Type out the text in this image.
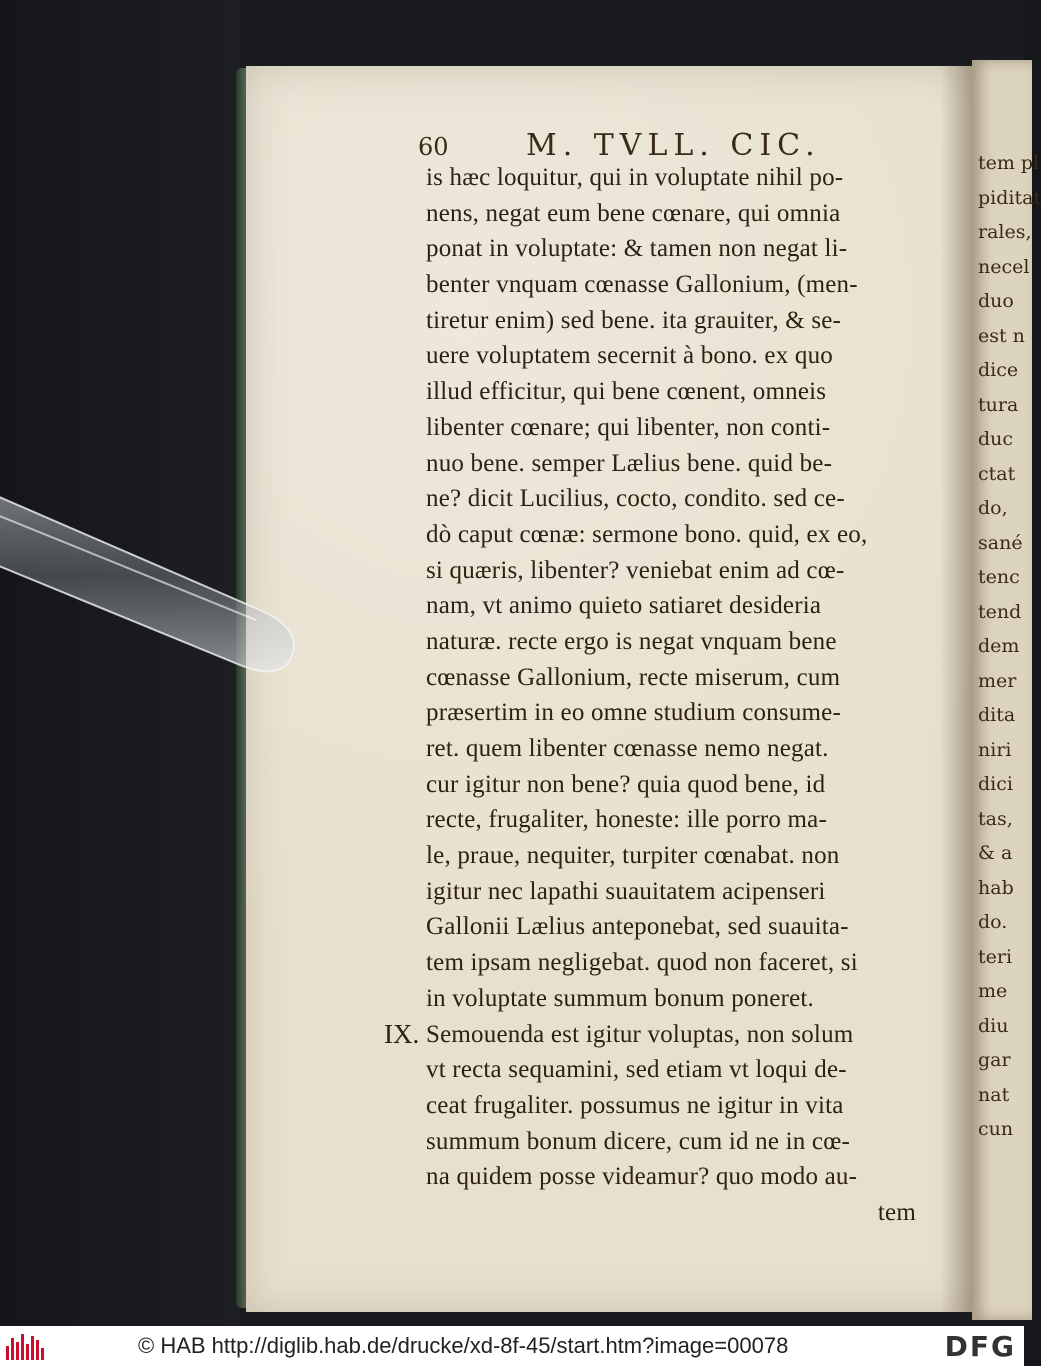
tem pl
piditat
rales,
necel
duo
est n
dice
tura
duc
ctat
do,
sané
tenc
tend
dem
mer
dita
niri
dici
tas,
& a
hab
do.
teri
me
diu
gar
nat
cun
60	M. TVLL. CIC.
is hæc loquitur, qui in voluptate nihil po-
nens, negat eum bene cœnare, qui omnia
ponat in voluptate: & tamen non negat li-
benter vnquam cœnasse Gallonium, (men-
tiretur enim) sed bene. ita grauiter, & se-
uere voluptatem secernit à bono. ex quo
illud efficitur, qui bene cœnent, omneis
libenter cœnare; qui libenter, non conti-
nuo bene. semper Lælius bene. quid be-
ne? dicit Lucilius, cocto, condito. sed ce-
dò caput cœnæ: sermone bono. quid, ex eo,
si quæris, libenter? veniebat enim ad cœ-
nam, vt animo quieto satiaret desideria
naturæ. recte ergo is negat vnquam bene
cœnasse Gallonium, recte miserum, cum
præsertim in eo omne studium consume-
ret. quem libenter cœnasse nemo negat.
cur igitur non bene? quia quod bene, id
recte, frugaliter, honeste: ille porro ma-
le, praue, nequiter, turpiter cœnabat. non
igitur nec lapathi suauitatem acipenseri
Gallonii Lælius anteponebat, sed suauita-
tem ipsam negligebat. quod non faceret, si
in voluptate summum bonum poneret.
Semouenda est igitur voluptas, non solum
vt recta sequamini, sed etiam vt loqui de-
ceat frugaliter. possumus ne igitur in vita
summum bonum dicere, cum id ne in cœ-
na quidem posse videamur? quo modo au-
tem
IX.
© HAB http://diglib.hab.de/drucke/xd-8f-45/start.htm?image=00078	DFG
